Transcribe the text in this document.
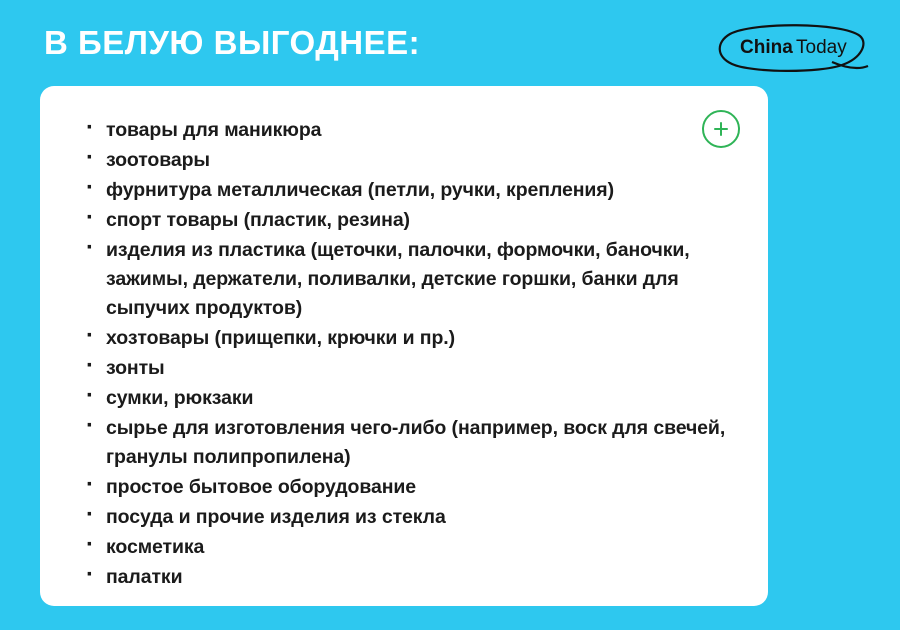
В БЕЛУЮ ВЫГОДНЕЕ:	China Today
· товары для маникюра
· зоотовары
· фурнитура металлическая (петли, ручки, крепления)
· спорт товары (пластик, резина)
· изделия из пластика (щеточки, палочки, формочки, баночки, зажимы, держатели, поливалки, детские горшки, банки для сыпучих продуктов)
· хозтовары (прищепки, крючки и пр.)
· зонты
· сумки, рюкзаки
· сырье для изготовления чего-либо (например, воск для свечей, гранулы полипропилена)
· простое бытовое оборудование
· посуда и прочие изделия из стекла
· косметика
· палатки
